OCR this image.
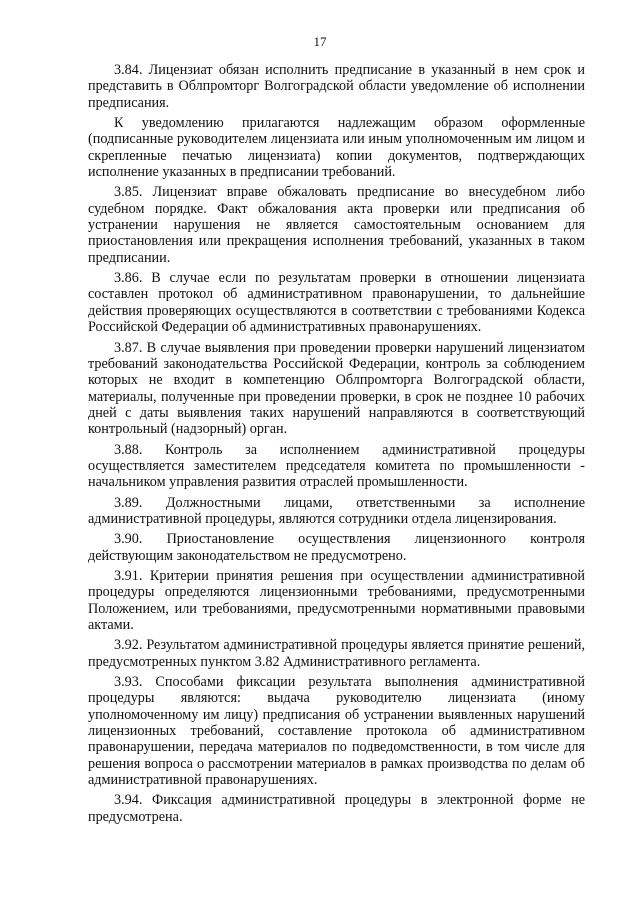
17

3.84. Лицензиат обязан исполнить предписание в указанный в нем срок и представить в Облпромторг Волгоградской области уведомление об исполнении предписания.

К уведомлению прилагаются надлежащим образом оформленные (подписанные руководителем лицензиата или иным уполномоченным им лицом и скрепленные печатью лицензиата) копии документов, подтверждающих исполнение указанных в предписании требований.

3.85. Лицензиат вправе обжаловать предписание во внесудебном либо судебном порядке. Факт обжалования акта проверки или предписания об устранении нарушения не является самостоятельным основанием для приостановления или прекращения исполнения требований, указанных в таком предписании.

3.86. В случае если по результатам проверки в отношении лицензиата составлен протокол об административном правонарушении, то дальнейшие действия проверяющих осуществляются в соответствии с требованиями Кодекса Российской Федерации об административных правонарушениях.

3.87. В случае выявления при проведении проверки нарушений лицензиатом требований законодательства Российской Федерации, контроль за соблюдением которых не входит в компетенцию Облпромторга Волгоградской области, материалы, полученные при проведении проверки, в срок не позднее 10 рабочих дней с даты выявления таких нарушений направляются в соответствующий контрольный (надзорный) орган.

3.88. Контроль за исполнением административной процедуры осуществляется заместителем председателя комитета по промышленности - начальником управления развития отраслей промышленности.

3.89. Должностными лицами, ответственными за исполнение административной процедуры, являются сотрудники отдела лицензирования.

3.90. Приостановление осуществления лицензионного контроля действующим законодательством не предусмотрено.

3.91. Критерии принятия решения при осуществлении административной процедуры определяются лицензионными требованиями, предусмотренными Положением, или требованиями, предусмотренными нормативными правовыми актами.

3.92. Результатом административной процедуры является принятие решений, предусмотренных пунктом 3.82 Административного регламента.

3.93. Способами фиксации результата выполнения административной процедуры являются: выдача руководителю лицензиата (иному уполномоченному им лицу) предписания об устранении выявленных нарушений лицензионных требований, составление протокола об административном правонарушении, передача материалов по подведомственности, в том числе для решения вопроса о рассмотрении материалов в рамках производства по делам об административной правонарушениях.

3.94. Фиксация административной процедуры в электронной форме не предусмотрена.
